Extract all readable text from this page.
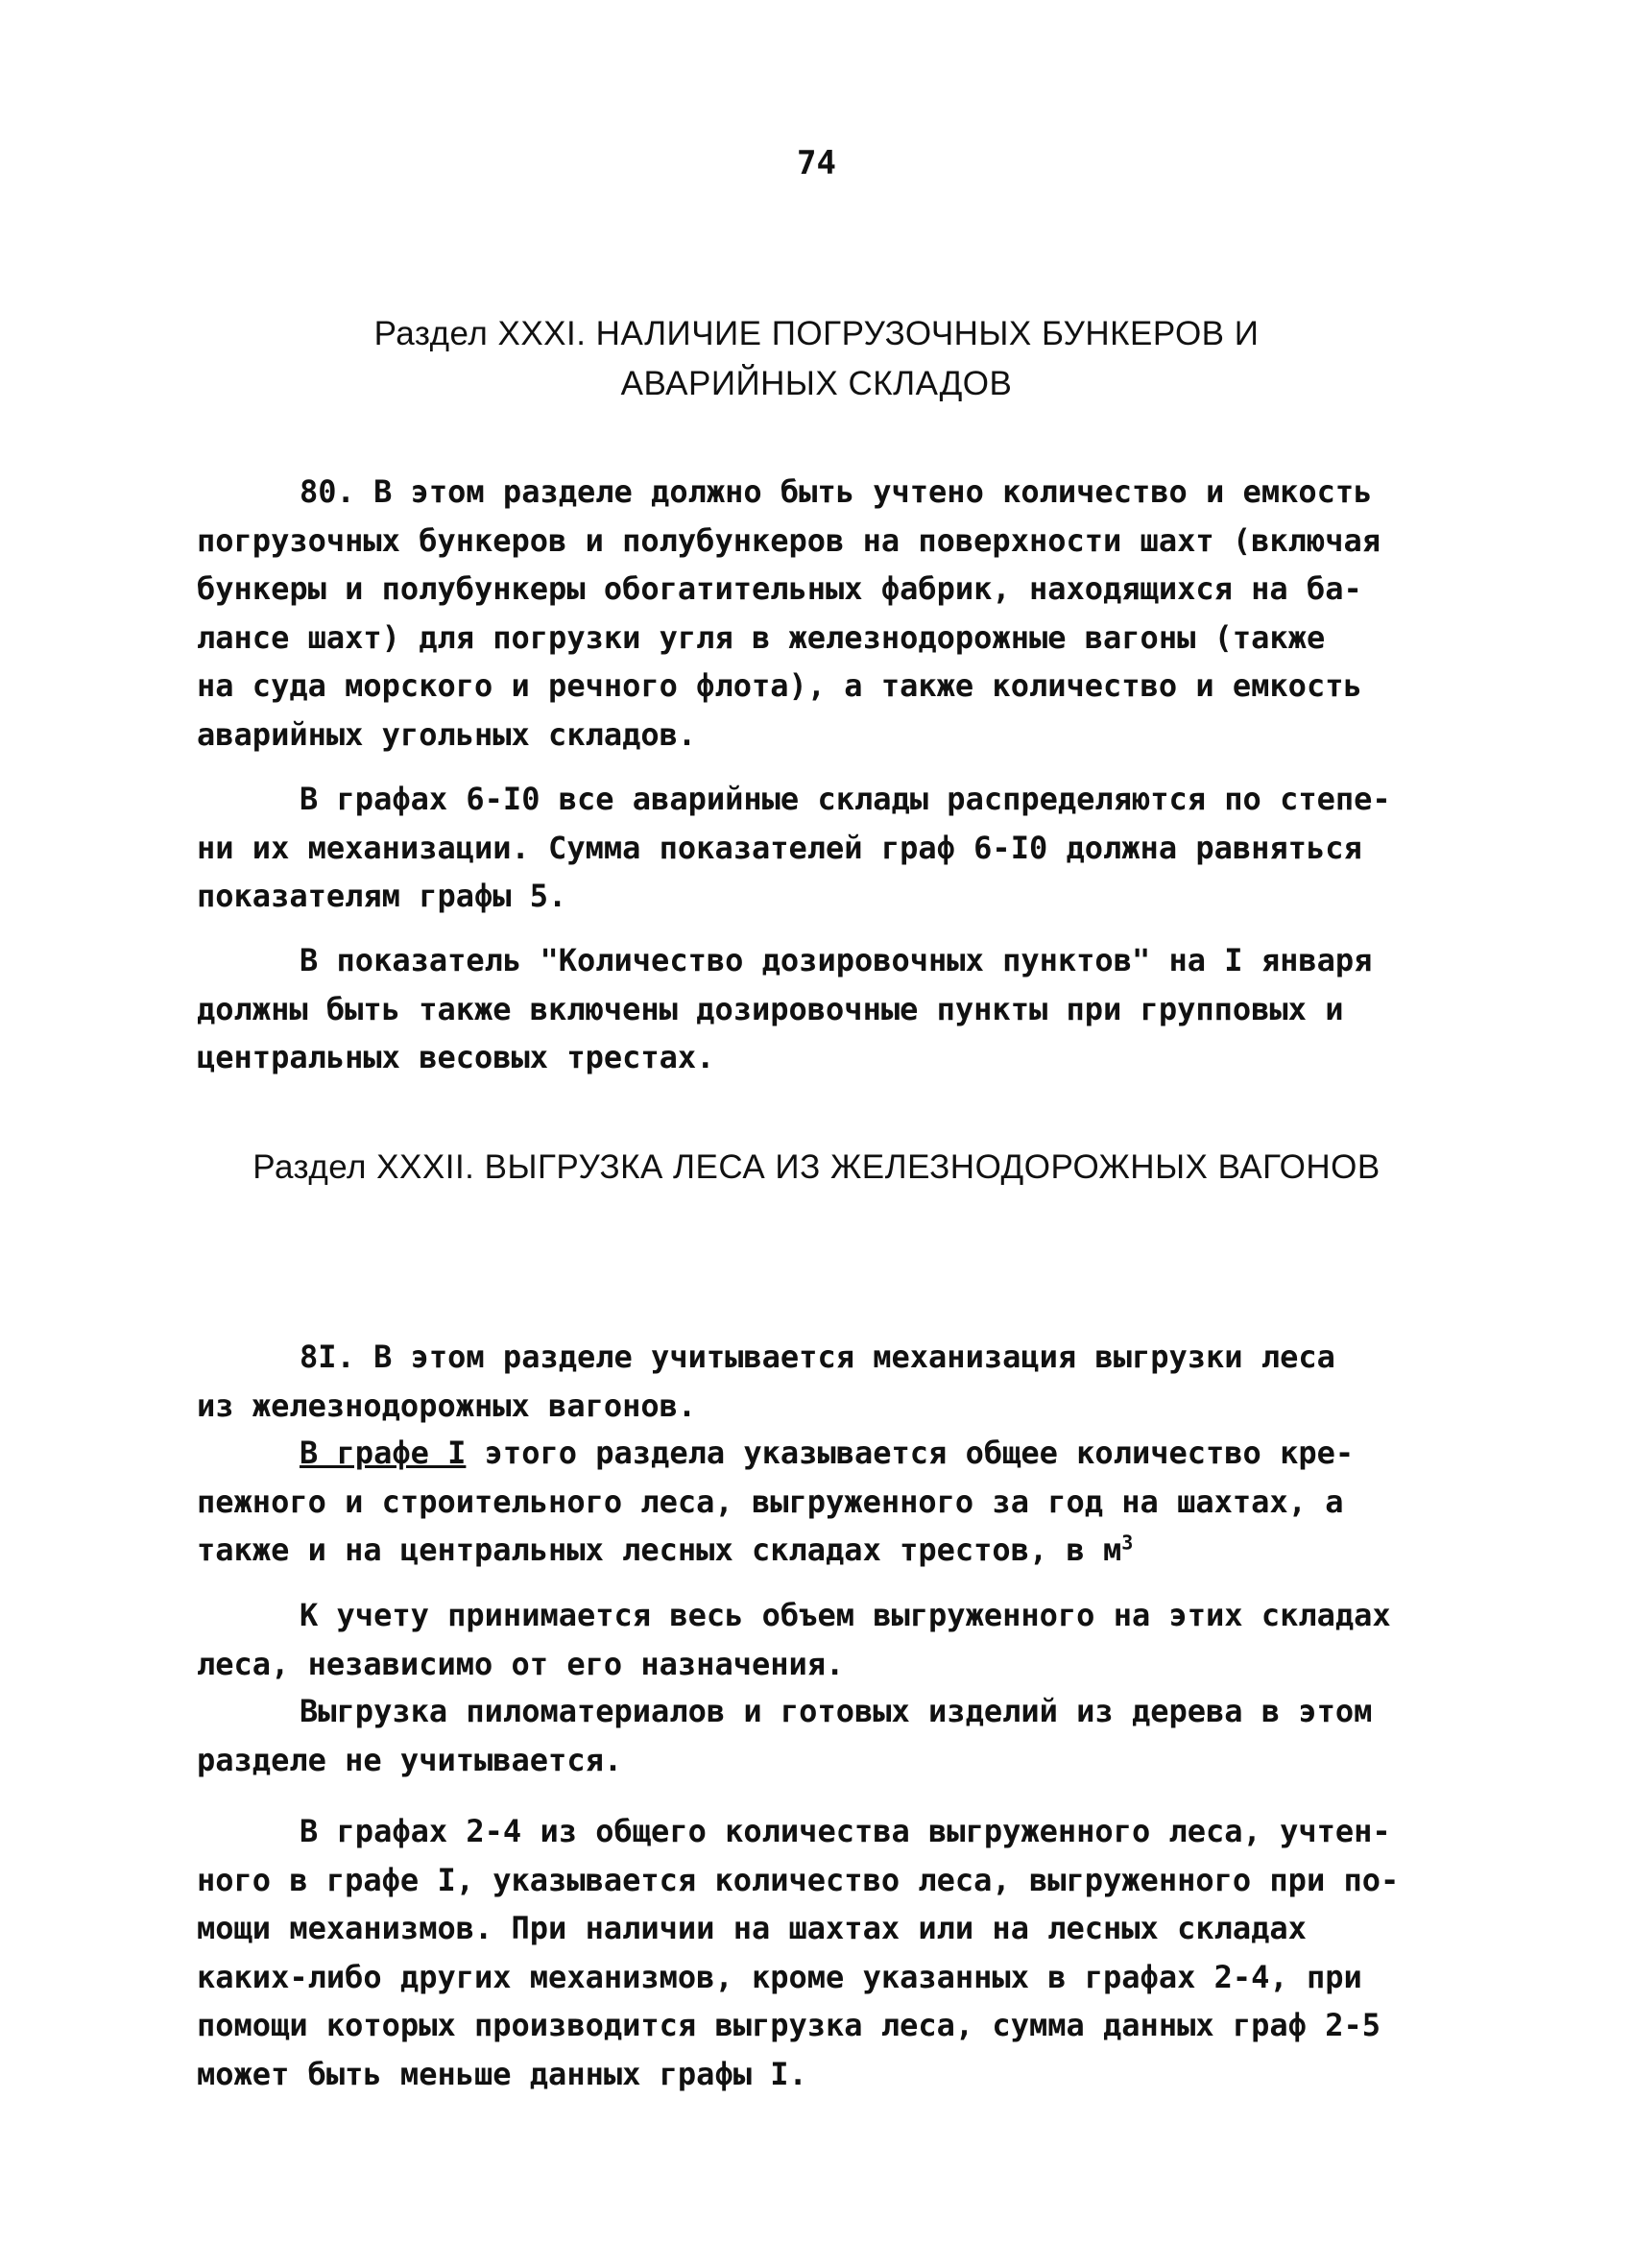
74
Раздел XXXI. НАЛИЧИЕ ПОГРУЗОЧНЫХ БУНКЕРОВ И
АВАРИЙНЫХ СКЛАДОВ
80. В этом разделе должно быть учтено количество и емкость
погрузочных бункеров и полубункеров на поверхности шахт (включая
бункеры и полубункеры обогатительных фабрик, находящихся на ба-
лансе шахт) для погрузки угля в железнодорожные вагоны (также
на суда морского и речного флота), а также количество и емкость
аварийных угольных складов.
В графах 6-I0 все аварийные склады распределяются по степе-
ни их механизации. Сумма показателей граф 6-I0 должна равняться
показателям графы 5.
В показатель "Количество дозировочных пунктов" на I января
должны быть также включены дозировочные пункты при групповых и
центральных весовых трестах.
Раздел XXXII. ВЫГРУЗКА ЛЕСА ИЗ ЖЕЛЕЗНОДОРОЖНЫХ ВАГОНОВ
8I. В этом разделе учитывается механизация выгрузки леса
из железнодорожных вагонов.
В графе I этого раздела указывается общее количество кре-
пежного и строительного леса, выгруженного за год на шахтах, а
также и на центральных лесных складах трестов, в $м^3$
К учету принимается весь объем выгруженного на этих складах
леса, независимо от его назначения.
Выгрузка пиломатериалов и готовых изделий из дерева в этом
разделе не учитывается.
В графах 2-4 из общего количества выгруженного леса, учтен-
ного в графе I, указывается количество леса, выгруженного при по-
мощи механизмов. При наличии на шахтах или на лесных складах
каких-либо других механизмов, кроме указанных в графах 2-4, при
помощи которых производится выгрузка леса, сумма данных граф 2-5
может быть меньше данных графы I.
